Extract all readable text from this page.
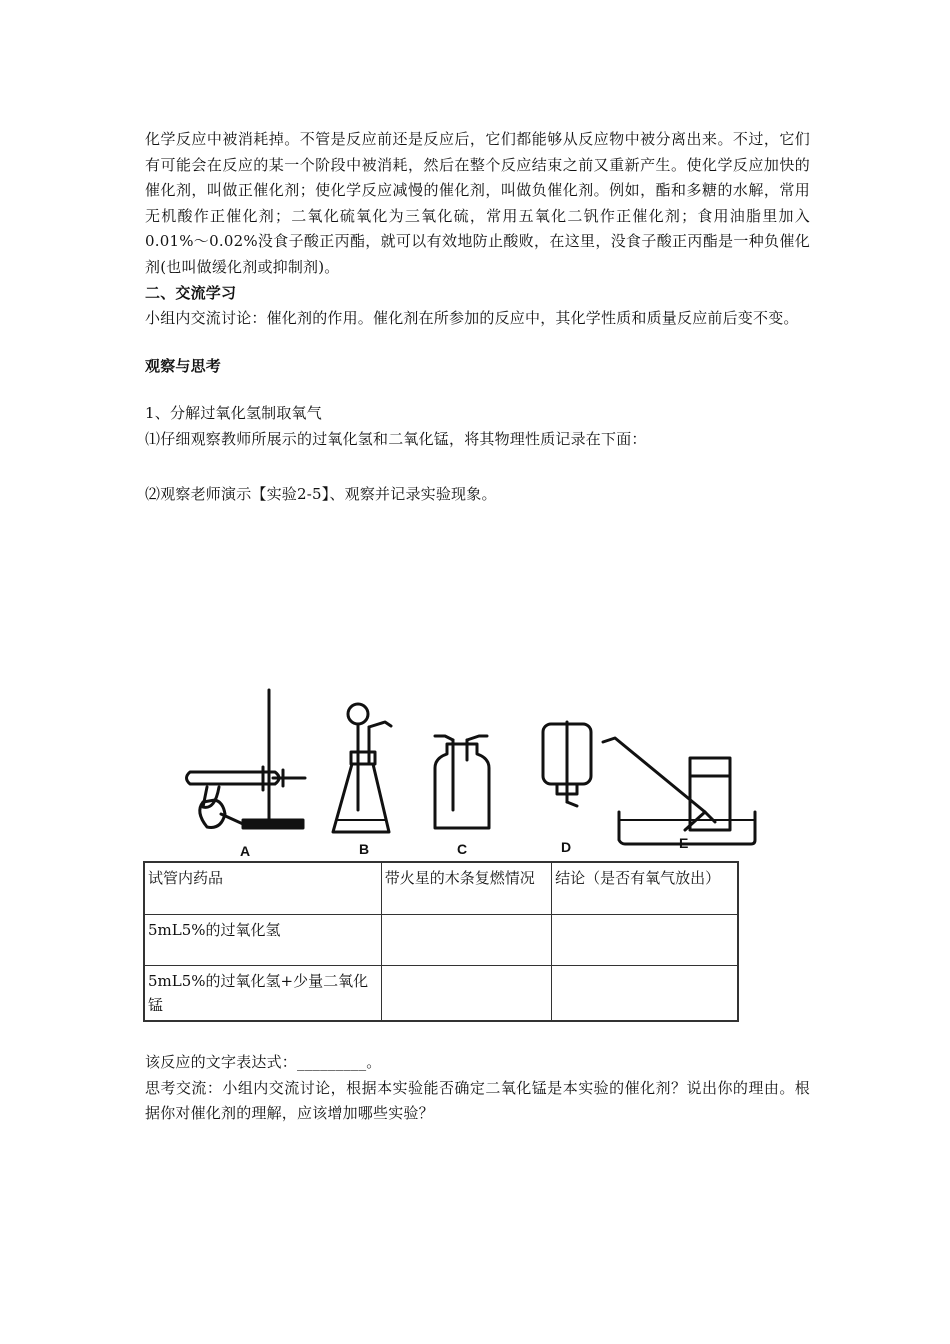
化学反应中被消耗掉。不管是反应前还是反应后，它们都能够从反应物中被分离出来。不过，它们有可能会在反应的某一个阶段中被消耗，然后在整个反应结束之前又重新产生。使化学反应加快的催化剂，叫做正催化剂；使化学反应减慢的催化剂，叫做负催化剂。例如，酯和多糖的水解，常用无机酸作正催化剂；二氧化硫氧化为三氧化硫，常用五氧化二钒作正催化剂；食用油脂里加入0.01%～0.02%没食子酸正丙酯，就可以有效地防止酸败，在这里，没食子酸正丙酯是一种负催化剂(也叫做缓化剂或抑制剂)。

二、交流学习

小组内交流讨论：催化剂的作用。催化剂在所参加的反应中，其化学性质和质量反应前后变不变。

观察与思考

1、分解过氧化氢制取氧气

⑴仔细观察教师所展示的过氧化氢和二氧化锰，将其物理性质记录在下面：

⑵观察老师演示【实验2-5】、观察并记录实验现象。

A	B	C	D	E
试管内药品	带火星的木条复燃情况	结论（是否有氧气放出）
5mL5%的过氧化氢		
5mL5%的过氧化氢+少量二氧化锰		

该反应的文字表达式：_________。

思考交流：小组内交流讨论，根据本实验能否确定二氧化锰是本实验的催化剂？说出你的理由。根据你对催化剂的理解，应该增加哪些实验？
